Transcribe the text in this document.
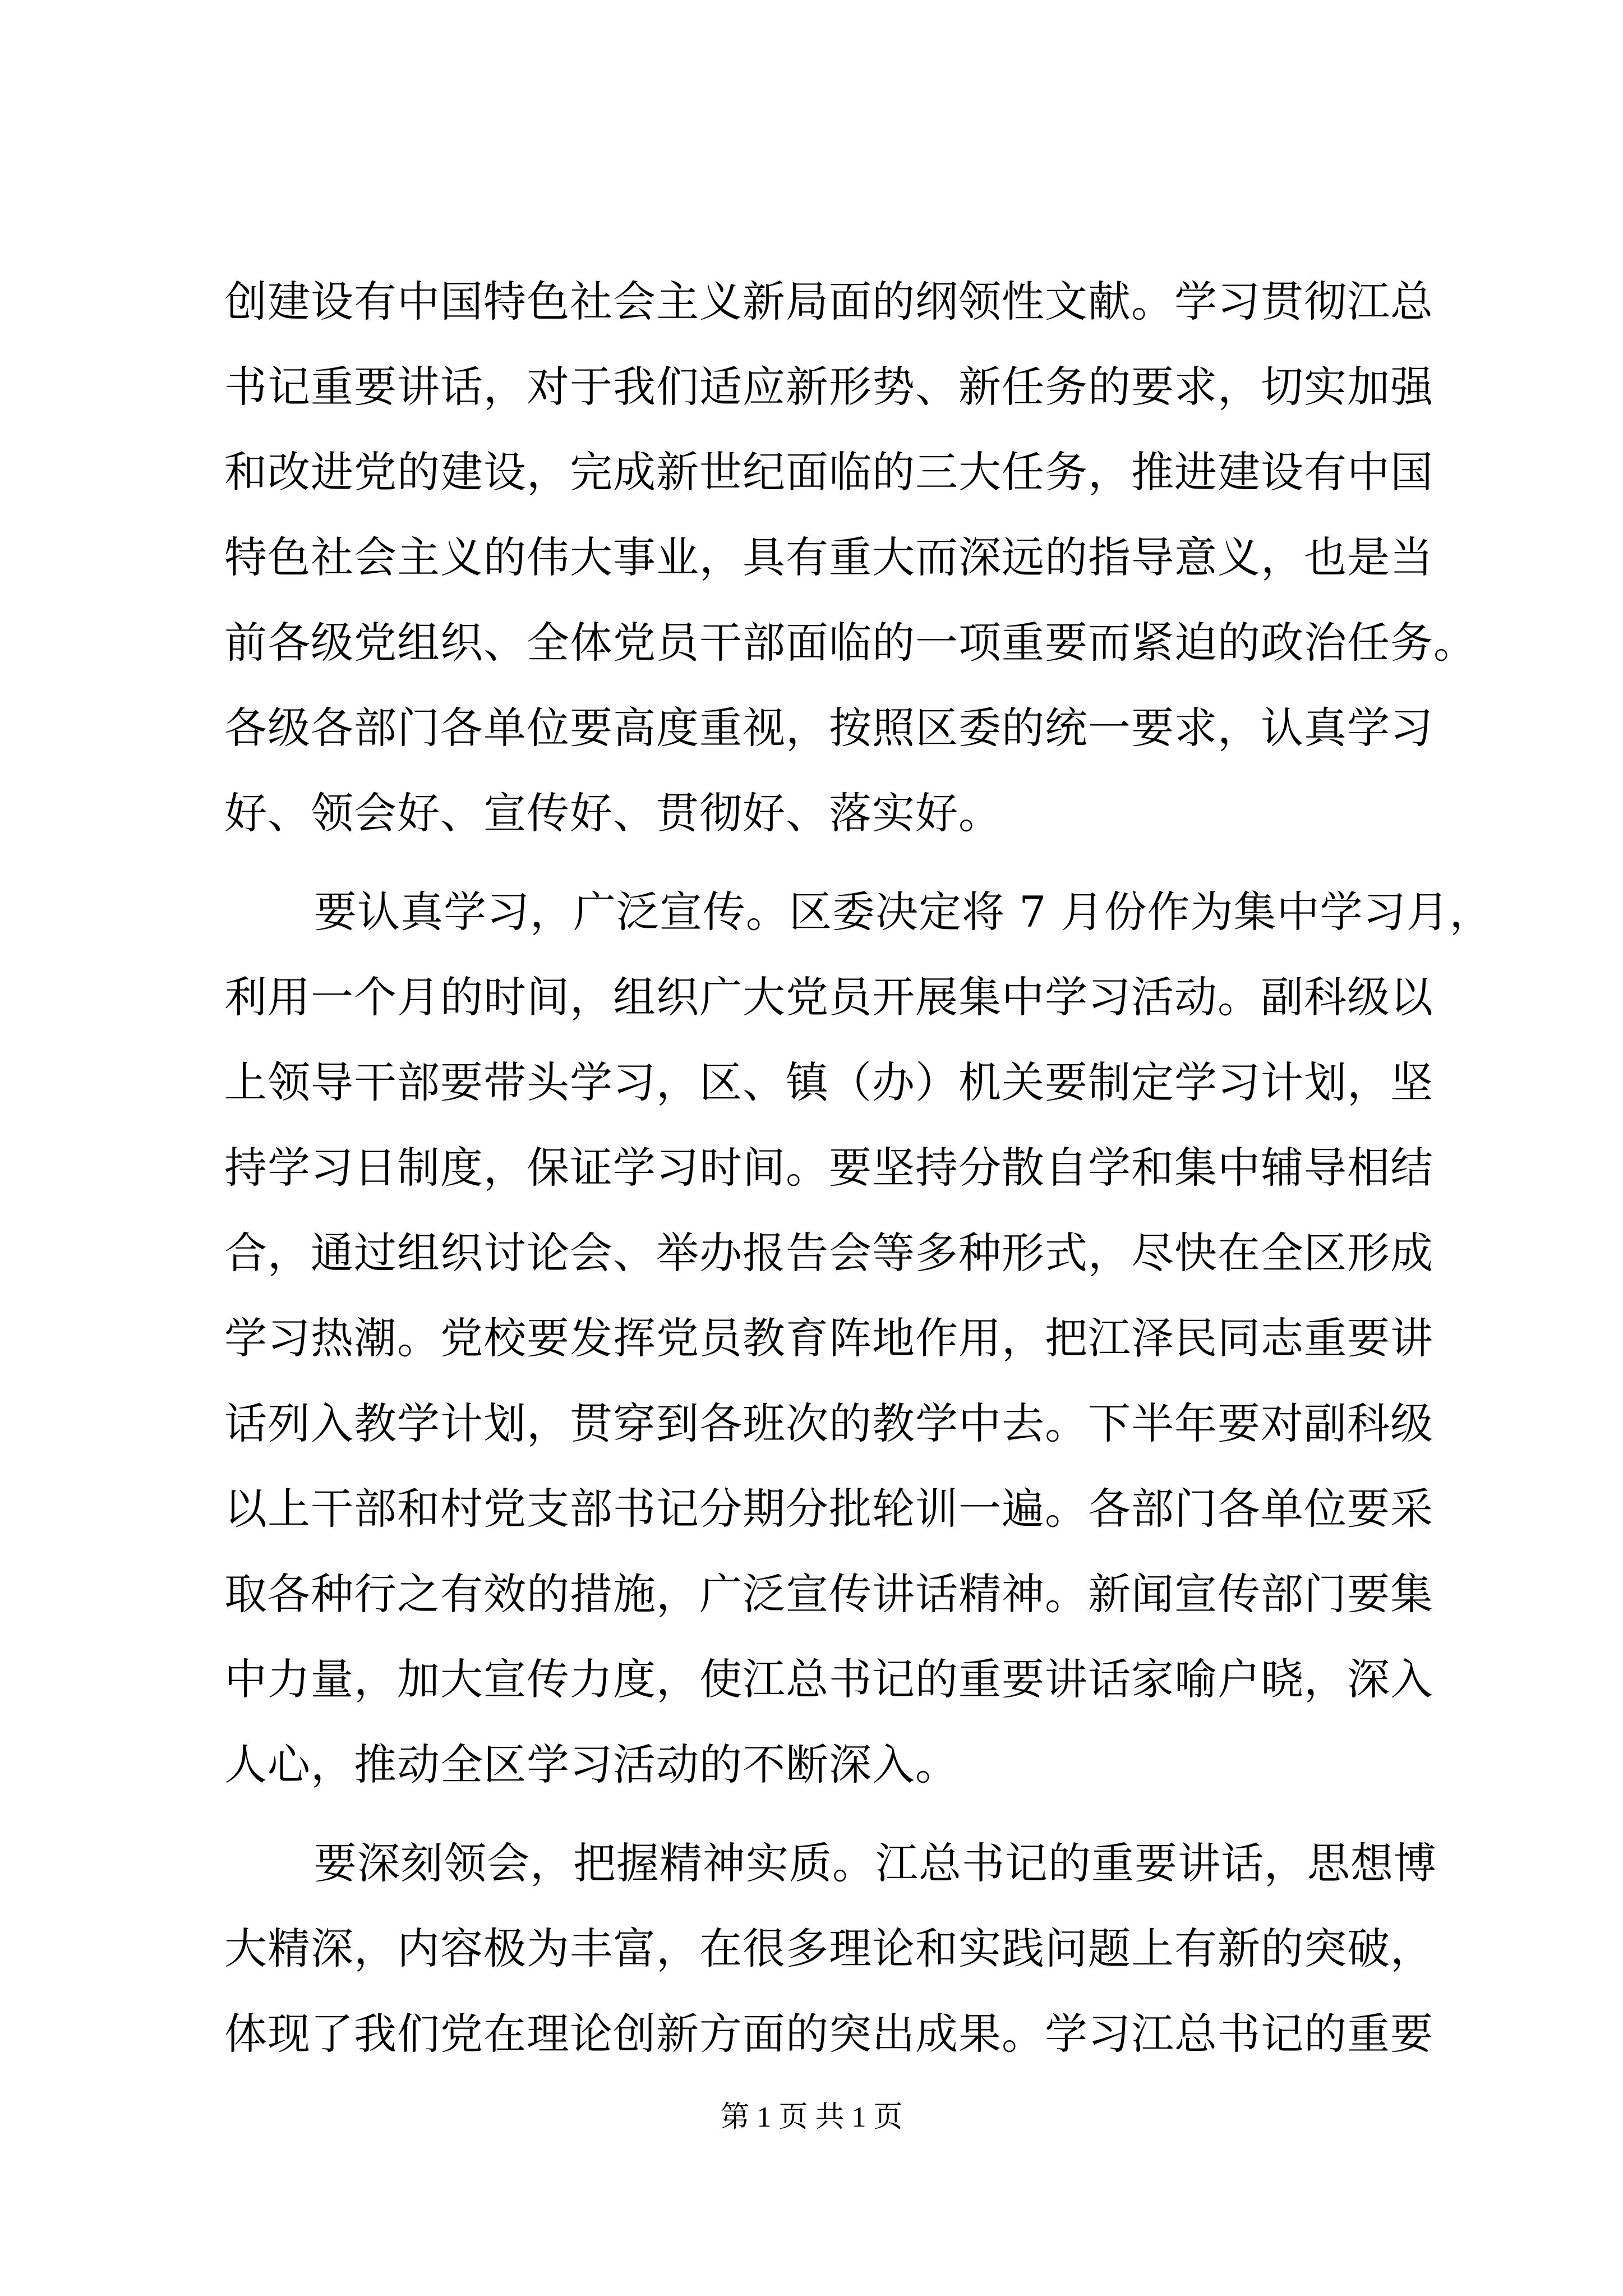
创建设有中国特色社会主义新局面的纲领性文献。学习贯彻江总
书记重要讲话，对于我们适应新形势、新任务的要求，切实加强
和改进党的建设，完成新世纪面临的三大任务，推进建设有中国
特色社会主义的伟大事业，具有重大而深远的指导意义，也是当
前各级党组织、全体党员干部面临的一项重要而紧迫的政治任务。
各级各部门各单位要高度重视，按照区委的统一要求，认真学习
好、领会好、宣传好、贯彻好、落实好。
要认真学习，广泛宣传。区委决定将 7 月份作为集中学习月，
利用一个月的时间，组织广大党员开展集中学习活动。副科级以
上领导干部要带头学习，区、镇（办）机关要制定学习计划，坚
持学习日制度，保证学习时间。要坚持分散自学和集中辅导相结
合，通过组织讨论会、举办报告会等多种形式，尽快在全区形成
学习热潮。党校要发挥党员教育阵地作用，把江泽民同志重要讲
话列入教学计划，贯穿到各班次的教学中去。下半年要对副科级
以上干部和村党支部书记分期分批轮训一遍。各部门各单位要采
取各种行之有效的措施，广泛宣传讲话精神。新闻宣传部门要集
中力量，加大宣传力度，使江总书记的重要讲话家喻户晓，深入
人心，推动全区学习活动的不断深入。
要深刻领会，把握精神实质。江总书记的重要讲话，思想博
大精深，内容极为丰富，在很多理论和实践问题上有新的突破，
体现了我们党在理论创新方面的突出成果。学习江总书记的重要
第 1 页 共 1 页
